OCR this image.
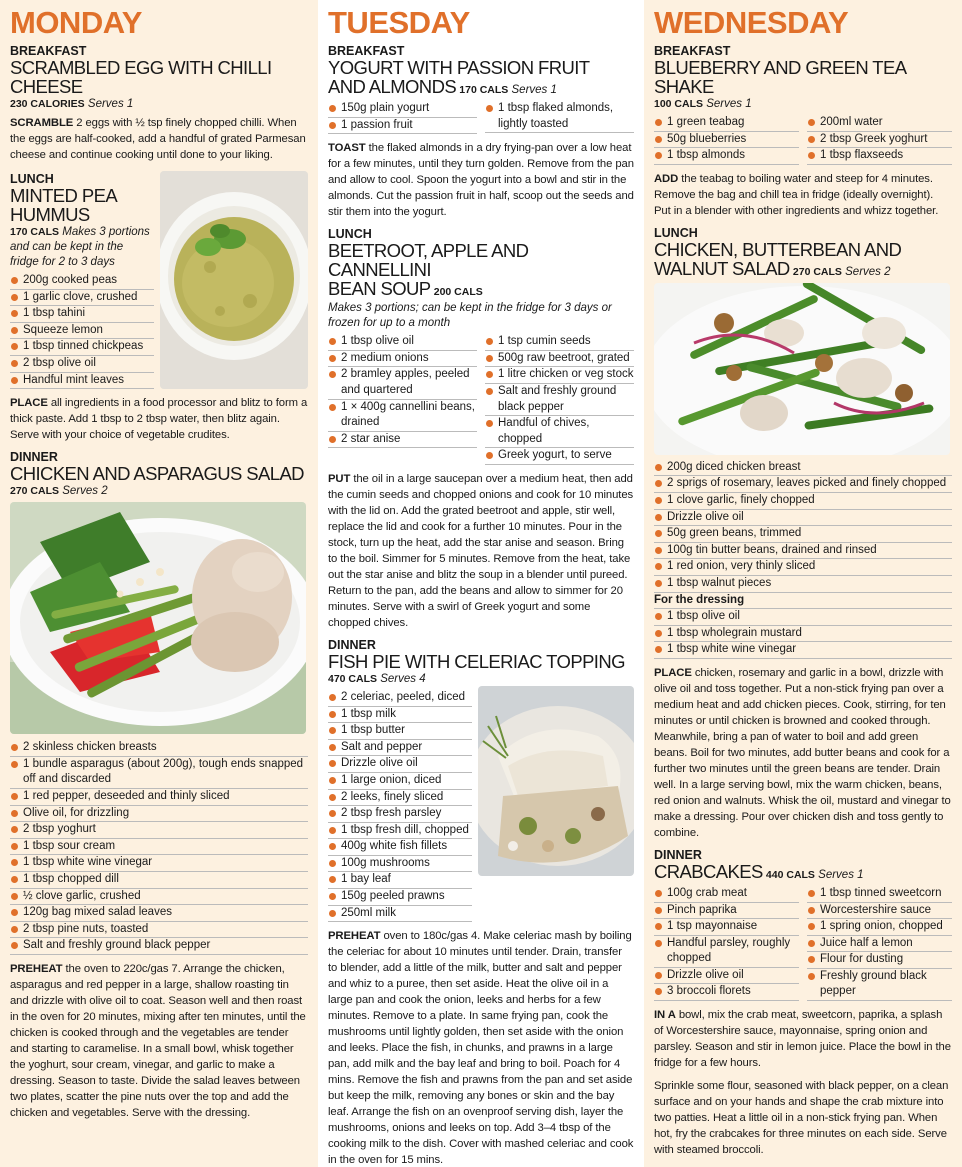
MONDAY
BREAKFAST
SCRAMBLED EGG WITH CHILLI CHEESE
230 CALORIES Serves 1
SCRAMBLE 2 eggs with ½ tsp finely chopped chilli. When the eggs are half-cooked, add a handful of grated Parmesan cheese and continue cooking until done to your liking.
LUNCH
MINTED PEA
HUMMUS
170 CALS Makes 3 portions and can be kept in the fridge for 2 to 3 days
200g cooked peas
1 garlic clove, crushed
1 tbsp tahini
Squeeze lemon
1 tbsp tinned chickpeas
2 tbsp olive oil
Handful mint leaves
PLACE all ingredients in a food processor and blitz to form a thick paste. Add 1 tbsp to 2 tbsp water, then blitz again. Serve with your choice of vegetable crudites.
DINNER
CHICKEN AND ASPARAGUS SALAD
270 CALS Serves 2
2 skinless chicken breasts
1 bundle asparagus (about 200g), tough ends snapped off and discarded
1 red pepper, deseeded and thinly sliced
Olive oil, for drizzling
2 tbsp yoghurt
1 tbsp sour cream
1 tbsp white wine vinegar
1 tbsp chopped dill
½ clove garlic, crushed
120g bag mixed salad leaves
2 tbsp pine nuts, toasted
Salt and freshly ground black pepper
PREHEAT the oven to 220c/gas 7. Arrange the chicken, asparagus and red pepper in a large, shallow roasting tin and drizzle with olive oil to coat. Season well and then roast in the oven for 20 minutes, mixing after ten minutes, until the chicken is cooked through and the vegetables are tender and starting to caramelise. In a small bowl, whisk together the yoghurt, sour cream, vinegar, and garlic to make a dressing. Season to taste. Divide the salad leaves between two plates, scatter the pine nuts over the top and add the chicken and vegetables. Serve with the dressing.
TUESDAY
BREAKFAST
YOGURT WITH PASSION FRUIT
AND ALMONDS 170 CALS Serves 1
150g plain yogurt
1 passion fruit
1 tbsp flaked almonds, lightly toasted
TOAST the flaked almonds in a dry frying-pan over a low heat for a few minutes, until they turn golden. Remove from the pan and allow to cool. Spoon the yogurt into a bowl and stir in the almonds. Cut the passion fruit in half, scoop out the seeds and stir them into the yogurt.
LUNCH
BEETROOT, APPLE AND CANNELLINI
BEAN SOUP 200 CALS
Makes 3 portions; can be kept in the fridge for 3 days or frozen for up to a month
1 tbsp olive oil
2 medium onions
2 bramley apples, peeled and quartered
1 × 400g cannellini beans, drained
2 star anise
1 tsp cumin seeds
500g raw beetroot, grated
1 litre chicken or veg stock
Salt and freshly ground black pepper
Handful of chives, chopped
Greek yogurt, to serve
PUT the oil in a large saucepan over a medium heat, then add the cumin seeds and chopped onions and cook for 10 minutes with the lid on. Add the grated beetroot and apple, stir well, replace the lid and cook for a further 10 minutes. Pour in the stock, turn up the heat, add the star anise and season. Bring to the boil. Simmer for 5 minutes. Remove from the heat, take out the star anise and blitz the soup in a blender until pureed. Return to the pan, add the beans and allow to simmer for 20 minutes. Serve with a swirl of Greek yogurt and some chopped chives.
DINNER
FISH PIE WITH CELERIAC TOPPING
470 CALS Serves 4
2 celeriac, peeled, diced
1 tbsp milk
1 tbsp butter
Salt and pepper
Drizzle olive oil
1 large onion, diced
2 leeks, finely sliced
2 tbsp fresh parsley
1 tbsp fresh dill, chopped
400g white fish fillets
100g mushrooms
1 bay leaf
150g peeled prawns
250ml milk
PREHEAT oven to 180c/gas 4. Make celeriac mash by boiling the celeriac for about 10 minutes until tender. Drain, transfer to blender, add a little of the milk, butter and salt and pepper and whiz to a puree, then set aside. Heat the olive oil in a large pan and cook the onion, leeks and herbs for a few minutes. Remove to a plate. In same frying pan, cook the mushrooms until lightly golden, then set aside with the onion and leeks. Place the fish, in chunks, and prawns in a large pan, add milk and the bay leaf and bring to boil. Poach for 4 mins. Remove the fish and prawns from the pan and set aside but keep the milk, removing any bones or skin and the bay leaf. Arrange the fish on an ovenproof serving dish, layer the mushrooms, onions and leeks on top. Add 3–4 tbsp of the cooking milk to the dish. Cover with mashed celeriac and cook in the oven for 15 mins.
WEDNESDAY
BREAKFAST
BLUEBERRY AND GREEN TEA SHAKE
100 CALS Serves 1
1 green teabag
50g blueberries
1 tbsp almonds
200ml water
2 tbsp Greek yoghurt
1 tbsp flaxseeds
ADD the teabag to boiling water and steep for 4 minutes. Remove the bag and chill tea in fridge (ideally overnight). Put in a blender with other ingredients and whizz together.
LUNCH
CHICKEN, BUTTERBEAN AND
WALNUT SALAD 270 CALS Serves 2
200g diced chicken breast
2 sprigs of rosemary, leaves picked and finely chopped
1 clove garlic, finely chopped
Drizzle olive oil
50g green beans, trimmed
100g tin butter beans, drained and rinsed
1 red onion, very thinly sliced
1 tbsp walnut pieces
For the dressing
1 tbsp olive oil
1 tbsp wholegrain mustard
1 tbsp white wine vinegar
PLACE chicken, rosemary and garlic in a bowl, drizzle with olive oil and toss together. Put a non-stick frying pan over a medium heat and add chicken pieces. Cook, stirring, for ten minutes or until chicken is browned and cooked through. Meanwhile, bring a pan of water to boil and add green beans. Boil for two minutes, add butter beans and cook for a further two minutes until the green beans are tender. Drain well. In a large serving bowl, mix the warm chicken, beans, red onion and walnuts. Whisk the oil, mustard and vinegar to make a dressing. Pour over chicken dish and toss gently to combine.
DINNER
CRABCAKES 440 CALS Serves 1
100g crab meat
Pinch paprika
1 tsp mayonnaise
Handful parsley, roughly chopped
Drizzle olive oil
3 broccoli florets
1 tbsp tinned sweetcorn
Worcestershire sauce
1 spring onion, chopped
Juice half a lemon
Flour for dusting
Freshly ground black pepper
IN A bowl, mix the crab meat, sweetcorn, paprika, a splash of Worcestershire sauce, mayonnaise, spring onion and parsley. Season and stir in lemon juice. Place the bowl in the fridge for a few hours.
Sprinkle some flour, seasoned with black pepper, on a clean surface and on your hands and shape the crab mixture into two patties. Heat a little oil in a non-stick frying pan. When hot, fry the crabcakes for three minutes on each side. Serve with steamed broccoli.
